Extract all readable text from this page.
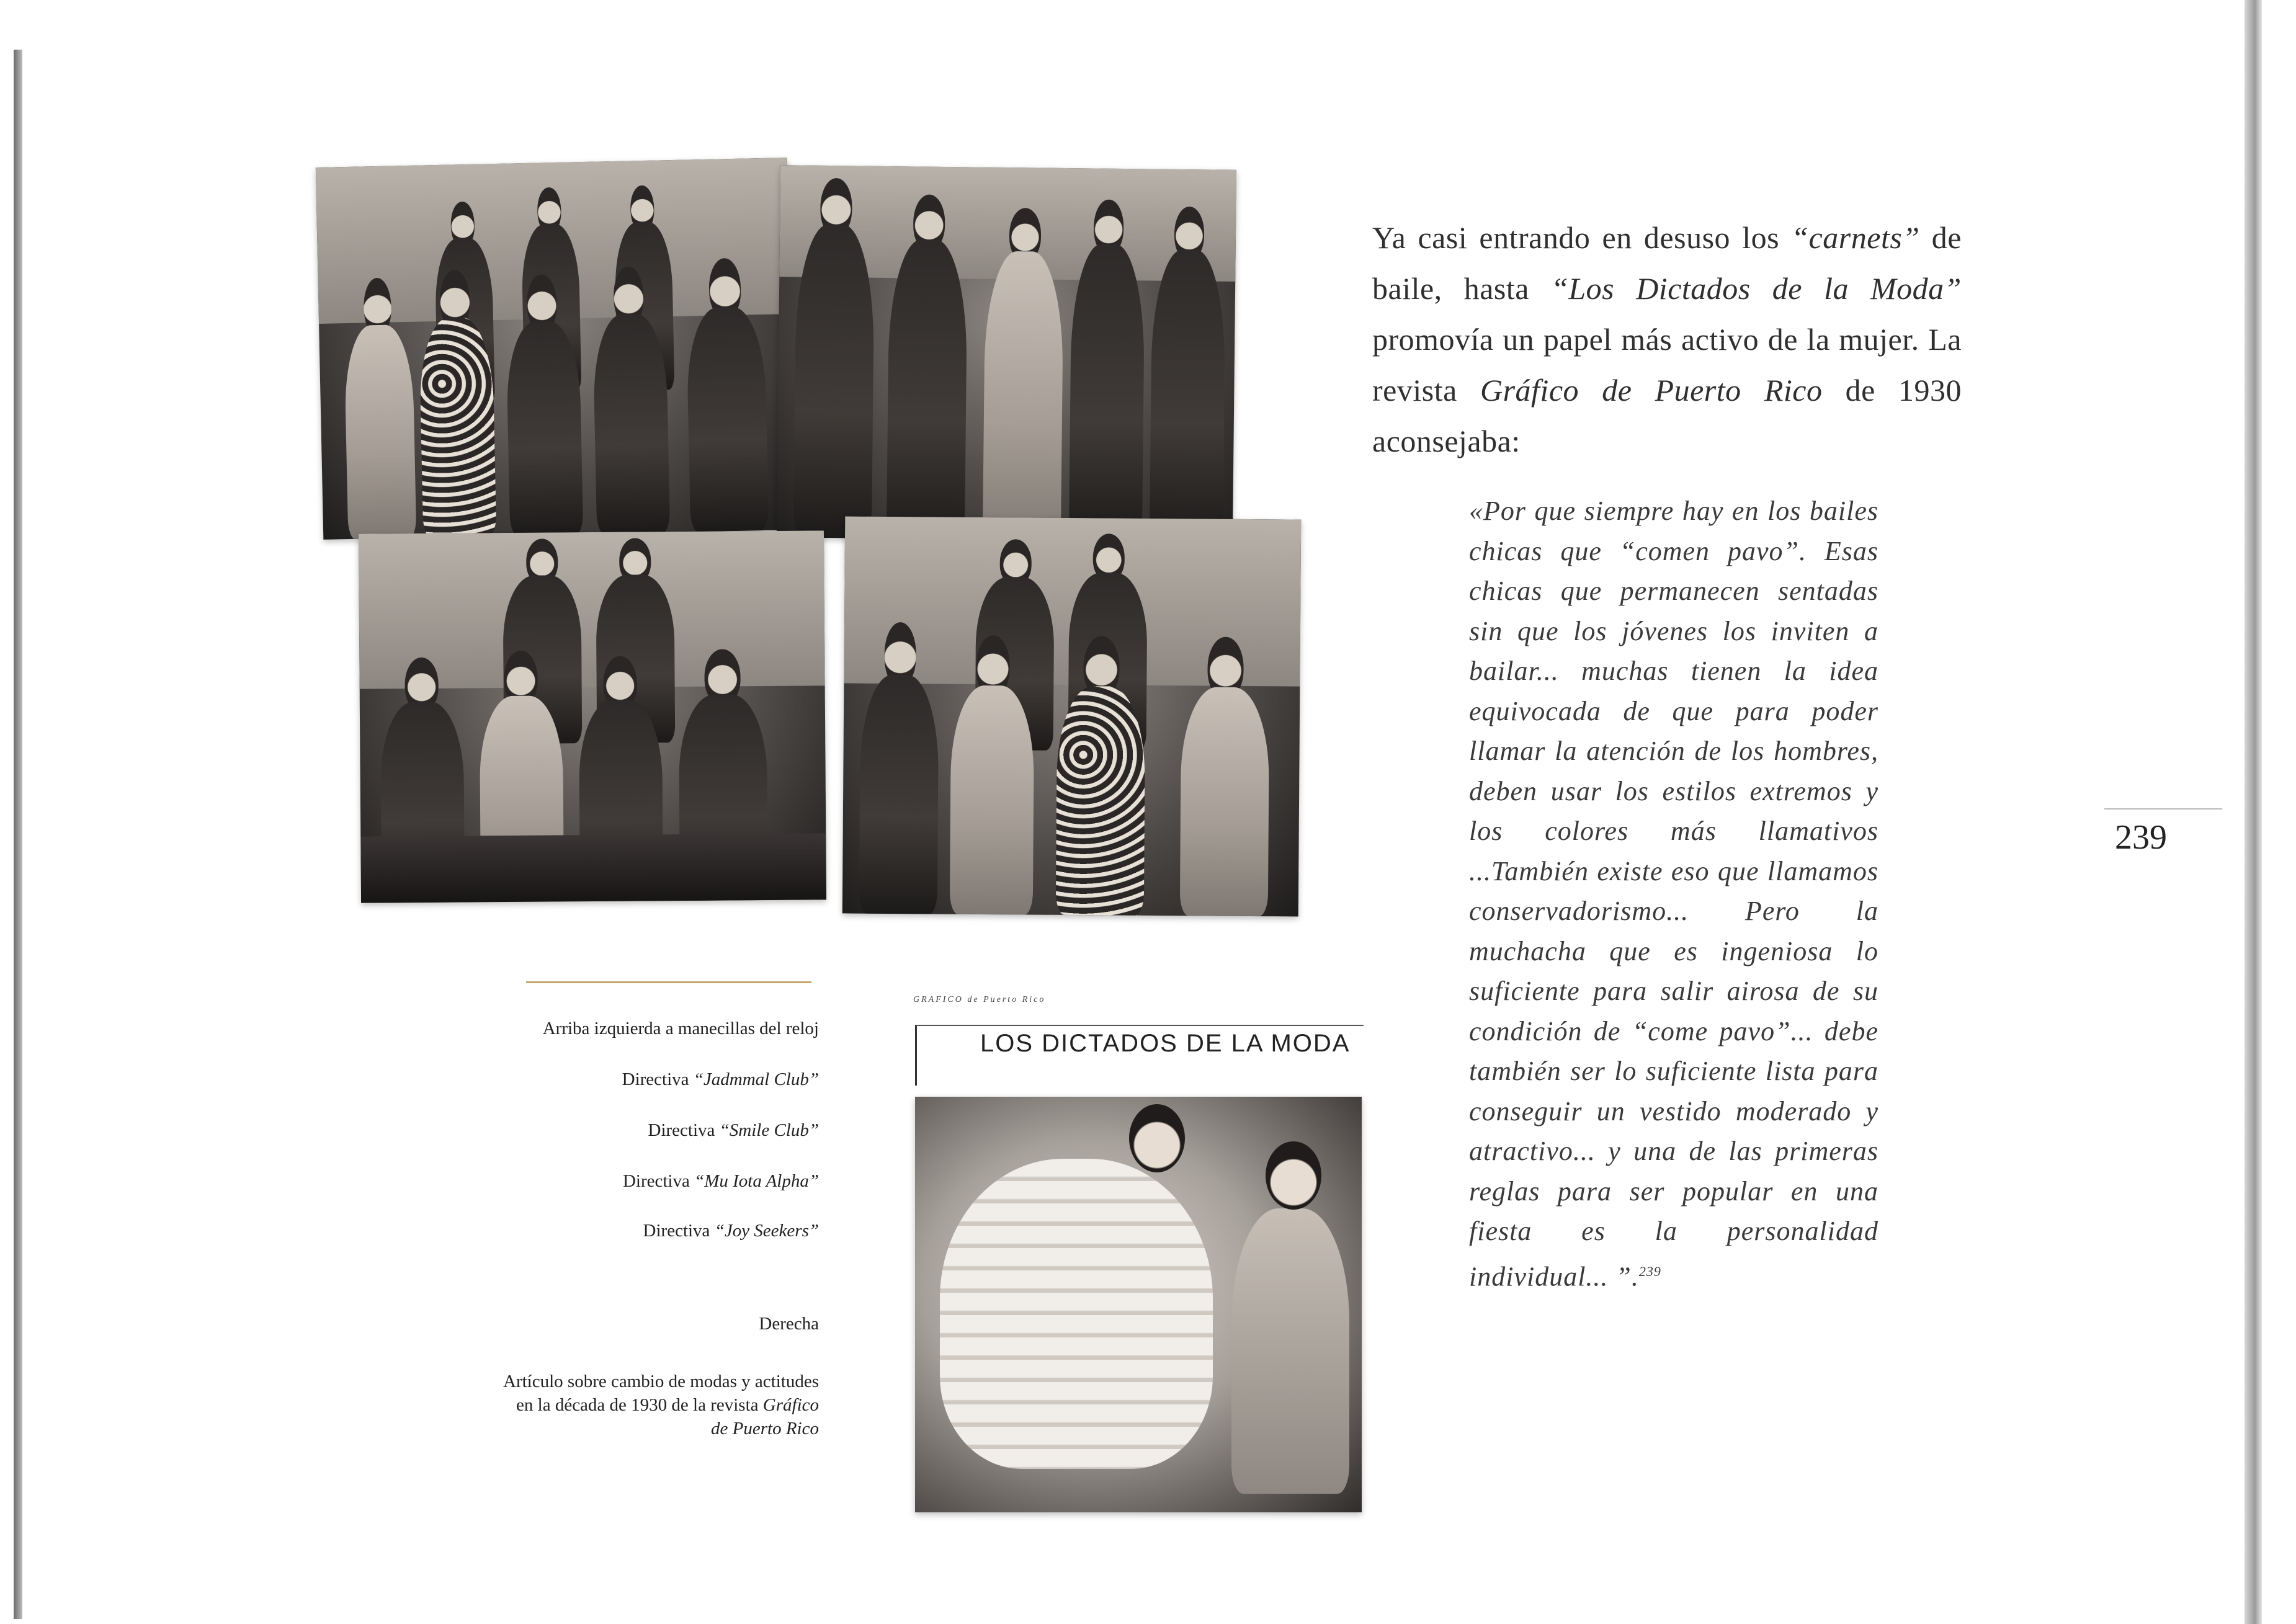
Ya casi entrando en desuso los “carnets” de baile, hasta “Los Dictados de la Moda” promovía un papel más activo de la mujer. La revista Gráfico de Puerto Rico de 1930 aconsejaba:
«Por que siempre hay en los bailes chicas que “comen pavo”. Esas chicas que permanecen sentadas sin que los jóvenes los inviten a bailar... muchas tienen la idea equivocada de que para poder llamar la atención de los hombres, deben usar los estilos extremos y los colores más llamativos ...También existe eso que llamamos conservadorismo... Pero la muchacha que es ingeniosa lo suficiente para salir airosa de su condición de “come pavo”... debe también ser lo suficiente lista para conseguir un vestido moderado y atractivo... y una de las primeras reglas para ser popular en una fiesta es la personalidad individual... ”.$^{239}$
239
Arriba izquierda a manecillas del reloj
Directiva “Jadmmal Club”
Directiva “Smile Club”
Directiva “Mu Iota Alpha”
Directiva “Joy Seekers”
Derecha
Artículo sobre cambio de modas y actitudes en la década de 1930 de la revista Gráfico de Puerto Rico
GRAFICO de Puerto Rico
LOS DICTADOS DE LA MODA
